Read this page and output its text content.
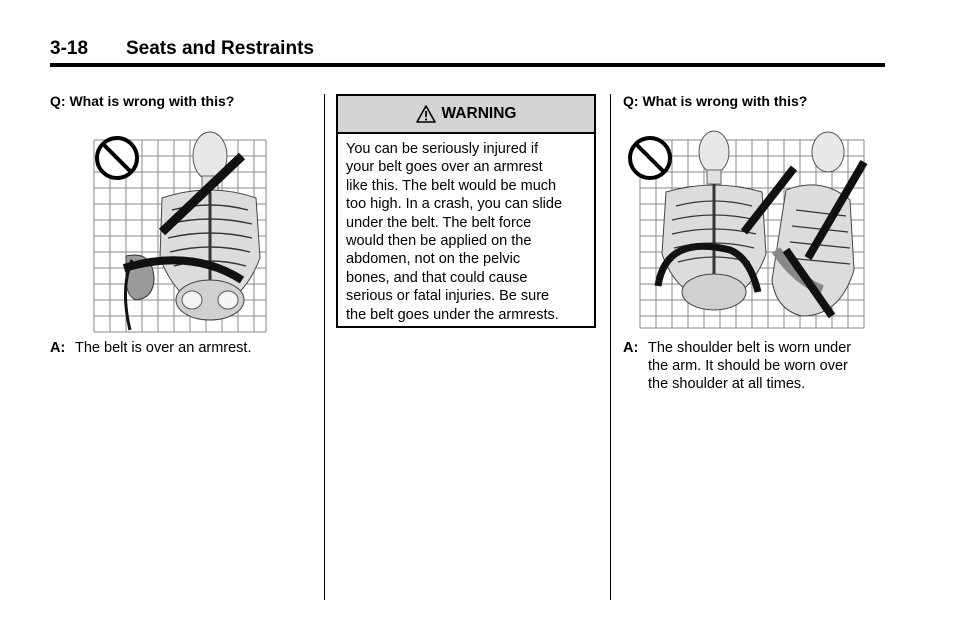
3-18 Seats and Restraints
Q: What is wrong with this?
A: The belt is over an armrest.
WARNING
You can be seriously injured if
your belt goes over an armrest
like this. The belt would be much
too high. In a crash, you can slide
under the belt. The belt force
would then be applied on the
abdomen, not on the pelvic
bones, and that could cause
serious or fatal injuries. Be sure
the belt goes under the armrests.
Q: What is wrong with this?
A: The shoulder belt is worn under
the arm. It should be worn over
the shoulder at all times.
